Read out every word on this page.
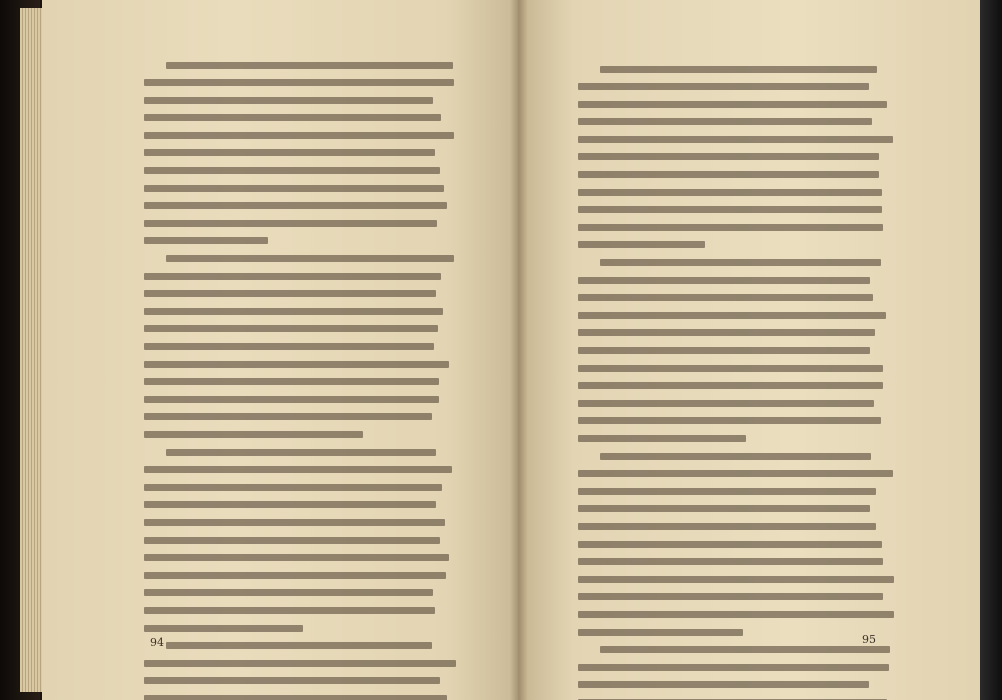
94	95
